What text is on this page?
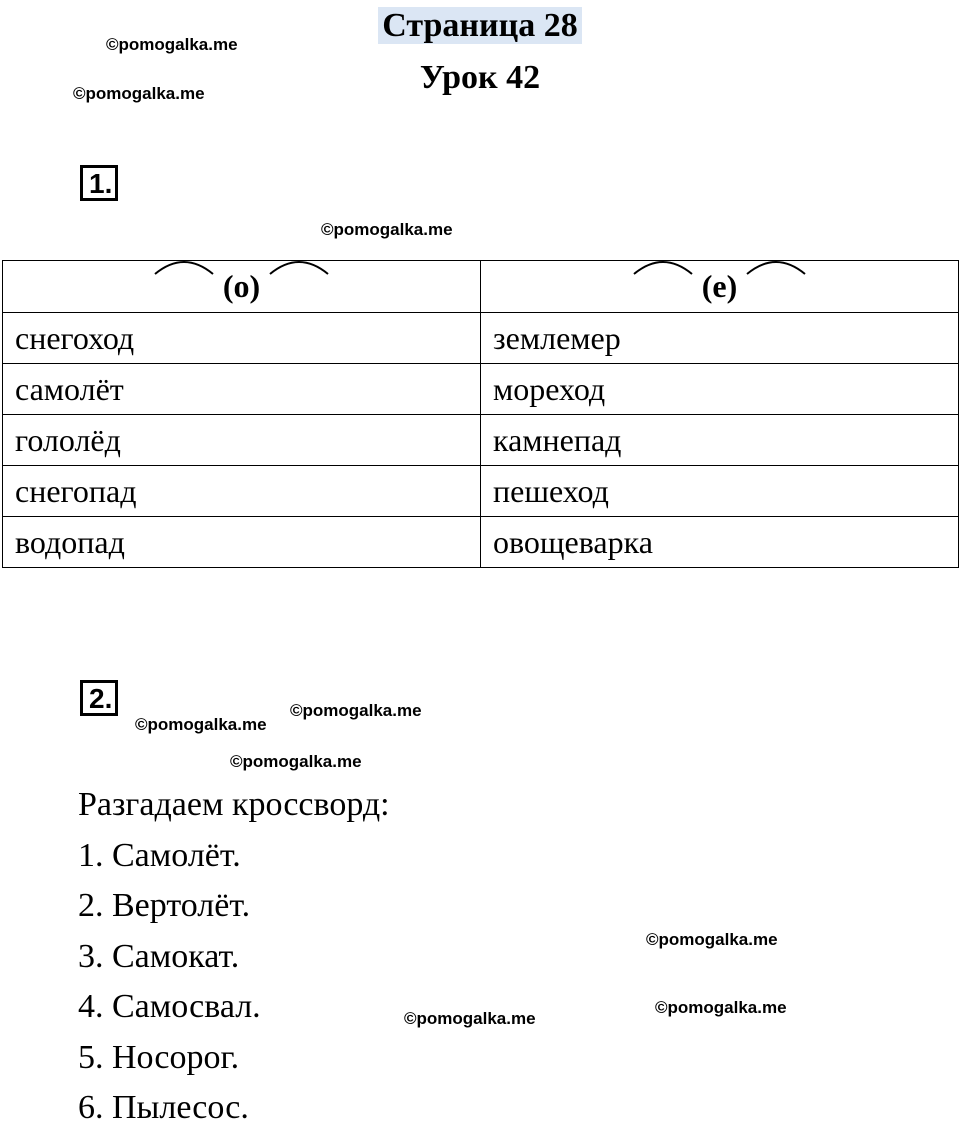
Страница 28
Урок 42
©pomogalka.me
©pomogalka.me
1.
©pomogalka.me
(о)	(е)

снегоход	землемер
самолёт	мореход
гололёд	камнепад
снегопад	пешеход
водопад	овощеварка
2.
©pomogalka.me
©pomogalka.me
©pomogalka.me
Разгадаем кроссворд:
1. Самолёт.
2. Вертолёт.
3. Самокат.
4. Самосвал.
5. Носорог.
6. Пылесос.
©pomogalka.me
©pomogalka.me
©pomogalka.me
